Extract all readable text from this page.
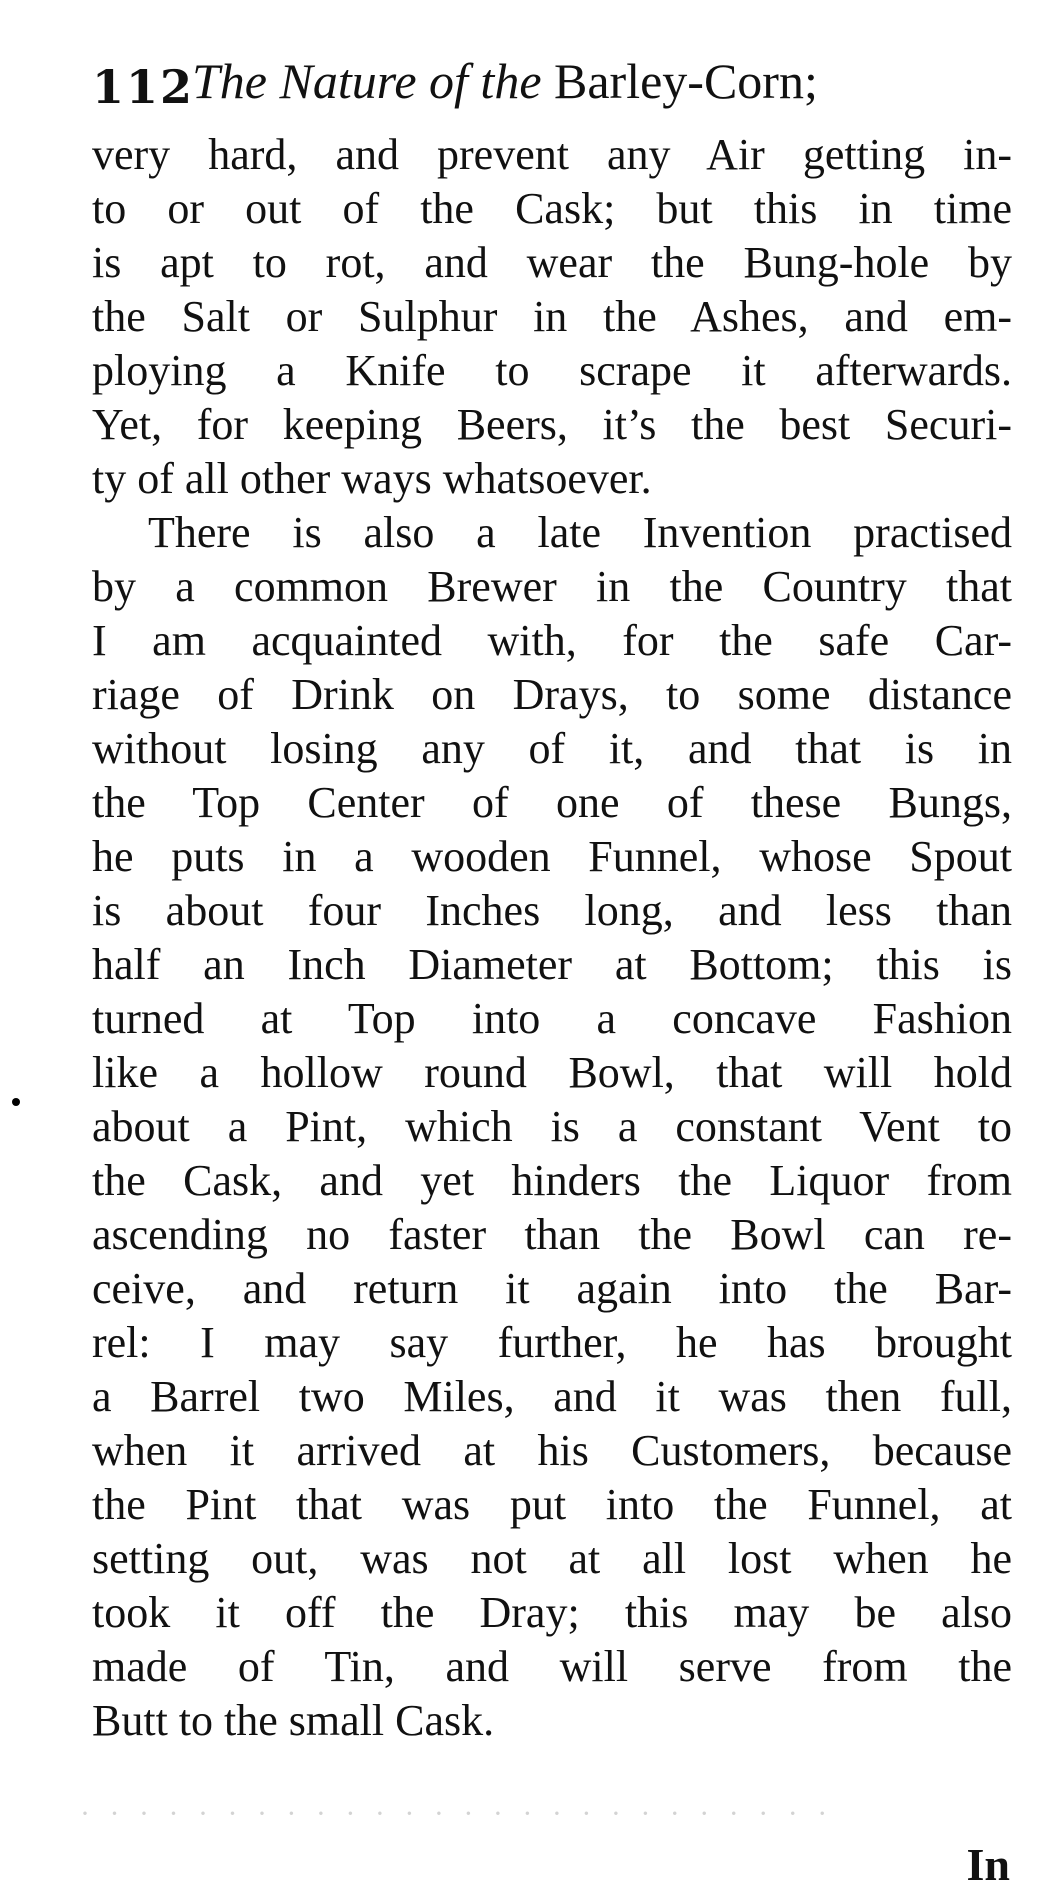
112
The Nature of the Barley-Corn;
very hard, and prevent any Air getting in-
to or out of the Cask; but this in time
is apt to rot, and wear the Bung-hole by
the Salt or Sulphur in the Ashes, and em-
ploying a Knife to scrape it afterwards.
Yet, for keeping Beers, it’s the best Securi-
ty of all other ways whatsoever.
There is also a late Invention practised
by a common Brewer in the Country that
I am acquainted with, for the safe Car-
riage of Drink on Drays, to some distance
without losing any of it, and that is in
the Top Center of one of these Bungs,
he puts in a wooden Funnel, whose Spout
is about four Inches long, and less than
half an Inch Diameter at Bottom; this is
turned at Top into a concave Fashion
like a hollow round Bowl, that will hold
about a Pint, which is a constant Vent to
the Cask, and yet hinders the Liquor from
ascending no faster than the Bowl can re-
ceive, and return it again into the Bar-
rel: I may say further, he has brought
a Barrel two Miles, and it was then full,
when it arrived at his Customers, because
the Pint that was put into the Funnel, at
setting out, was not at all lost when he
took it off the Dray; this may be also
made of Tin, and will serve from the
Butt to the small Cask.
· · · · · · · · · · · · · · · · · · · · · · · · · ·
In
